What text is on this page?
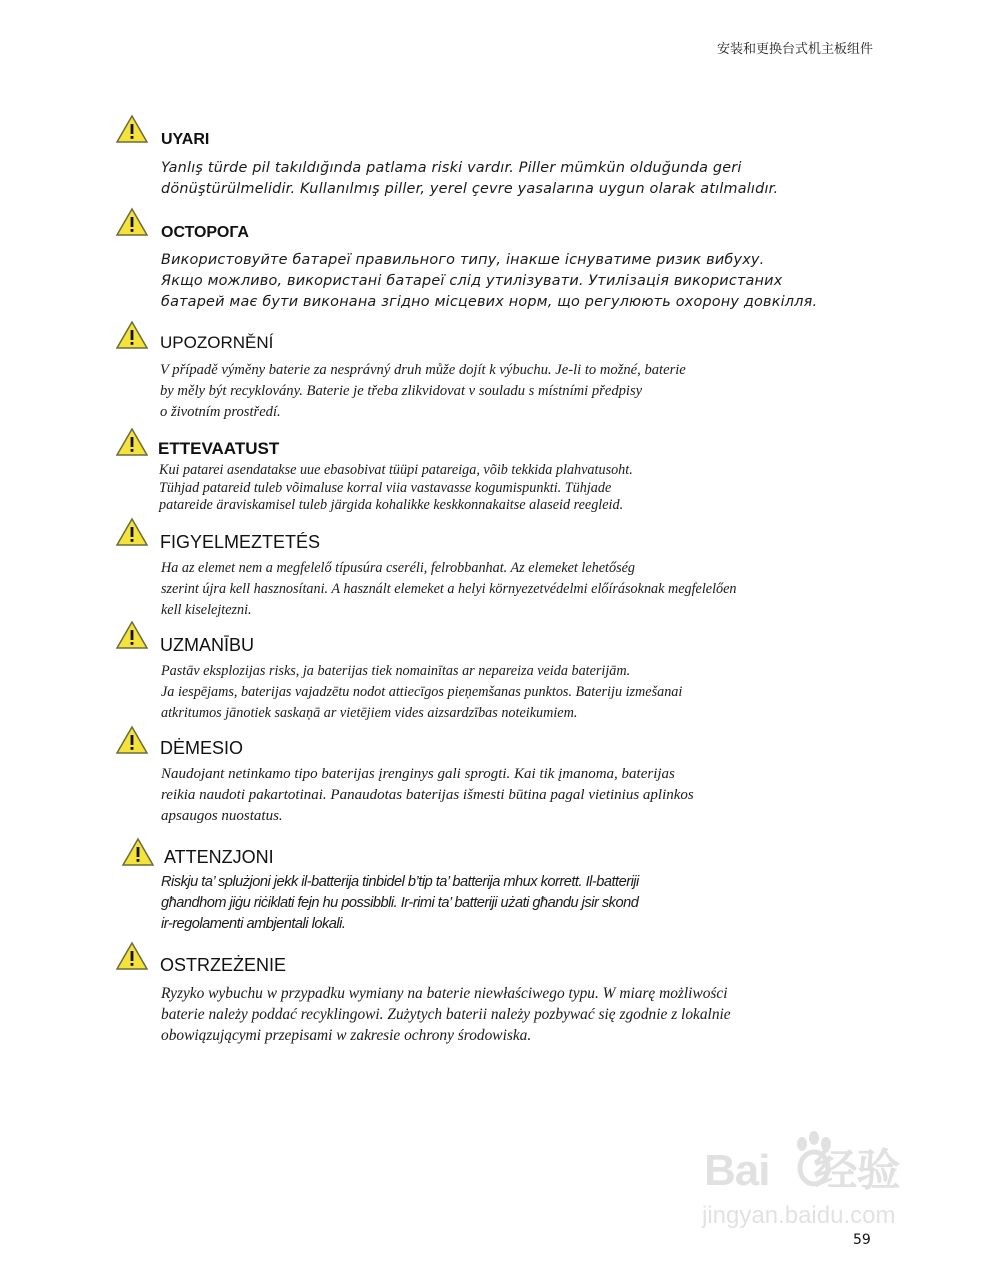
安装和更换台式机主板组件
UYARI
Yanlış türde pil takıldığında patlama riski vardır. Piller mümkün olduğunda geri
dönüştürülmelidir. Kullanılmış piller, yerel çevre yasalarına uygun olarak atılmalıdır.
ОСТОРОГА
Використовуйте батареї правильного типу, інакше існуватиме ризик вибуху.
Якщо можливо, використані батареї слід утилізувати. Утилізація використаних
батарей має бути виконана згідно місцевих норм, що регулюють охорону довкілля.
UPOZORNĚNÍ
V případě výměny baterie za nesprávný druh může dojít k výbuchu. Je-li to možné, baterie
by měly být recyklovány. Baterie je třeba zlikvidovat v souladu s místními předpisy
o životním prostředí.
ETTEVAATUST
Kui patarei asendatakse uue ebasobivat tüüpi patareiga, võib tekkida plahvatusoht.
Tühjad patareid tuleb võimaluse korral viia vastavasse kogumispunkti. Tühjade
patareide äraviskamisel tuleb järgida kohalikke keskkonnakaitse alaseid reegleid.
FIGYELMEZTETÉS
Ha az elemet nem a megfelelő típusúra cseréli, felrobbanhat. Az elemeket lehetőség
szerint újra kell hasznosítani. A használt elemeket a helyi környezetvédelmi előírásoknak megfelelően
kell kiselejtezni.
UZMANĪBU
Pastāv eksplozijas risks, ja baterijas tiek nomainītas ar nepareiza veida baterijām.
Ja iespējams, baterijas vajadzētu nodot attiecīgos pieņemšanas punktos. Bateriju izmešanai
atkritumos jānotiek saskaņā ar vietējiem vides aizsardzības noteikumiem.
DĖMESIO
Naudojant netinkamo tipo baterijas įrenginys gali sprogti. Kai tik įmanoma, baterijas
reikia naudoti pakartotinai. Panaudotas baterijas išmesti būtina pagal vietinius aplinkos
apsaugos nuostatus.
ATTENZJONI
Riskju ta’ splużjoni jekk il-batterija tinbidel b’tip ta’ batterija mhux korrett. Il-batteriji
għandhom jiġu riċiklati fejn hu possibbli. Ir-rimi ta’ batteriji użati għandu jsir skond
ir-regolamenti ambjentali lokali.
OSTRZEŻENIE
Ryzyko wybuchu w przypadku wymiany na baterie niewłaściwego typu. W miarę możliwości
baterie należy poddać recyklingowi. Zużytych baterii należy pozbywać się zgodnie z lokalnie
obowiązującymi przepisami w zakresie ochrony środowiska.
Bai 经验
jingyan.baidu.com
59
